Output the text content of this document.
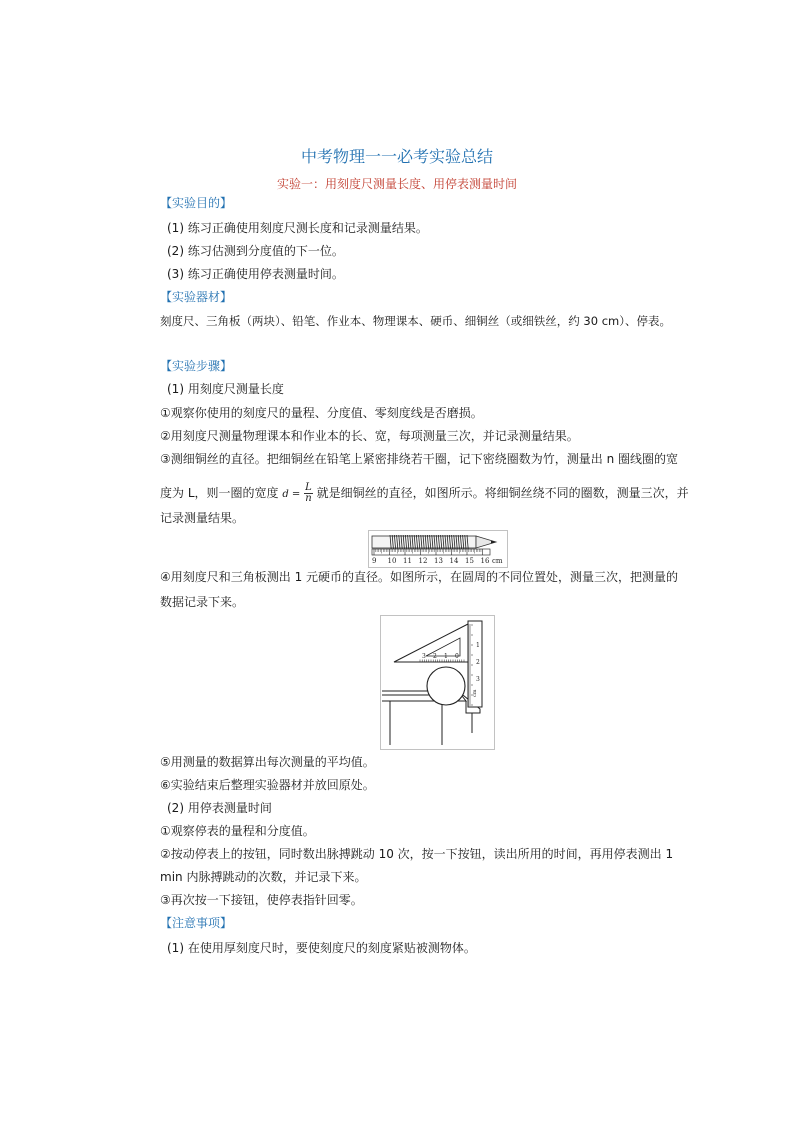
中考物理一一必考实验总结
实验一：用刻度尺测量长度、用停表测量时间
【实验目的】
(1) 练习正确使用刻度尺测长度和记录测量结果。
(2) 练习估测到分度值的下一位。
(3) 练习正确使用停表测量时间。
【实验器材】
刻度尺、三角板（两块）、铅笔、作业本、物理课本、硬币、细铜丝（或细铁丝，约 30 cm）、停表。
【实验步骤】
(1) 用刻度尺测量长度
①观察你使用的刻度尺的量程、分度值、零刻度线是否磨损。
②用刻度尺测量物理课本和作业本的长、宽，每项测量三次，并记录测量结果。
③测细铜丝的直径。把细铜丝在铅笔上紧密排绕若干圈，记下密绕圈数为竹，测量出 n 圈线圈的宽
度为 L，则一圈的宽度 $d = \frac{L}{n}$ 就是细铜丝的直径，如图所示。将细铜丝绕不同的圈数，测量三次，并
记录测量结果。
9 10 11 12 13 14 15 16 cm
④用刻度尺和三角板测出 1 元硬币的直径。如图所示，在圆周的不同位置处，测量三次，把测量的
数据记录下来。
3 2 1 0
1
2
3
cm
⑤用测量的数据算出每次测量的平均值。
⑥实验结束后整理实验器材并放回原处。
(2) 用停表测量时间
①观察停表的量程和分度值。
②按动停表上的按钮，同时数出脉搏跳动 10 次，按一下按钮，读出所用的时间，再用停表测出 1
min 内脉搏跳动的次数，并记录下来。
③再次按一下接钮，使停表指针回零。
【注意事项】
(1) 在使用厚刻度尺时，要使刻度尺的刻度紧贴被测物体。
